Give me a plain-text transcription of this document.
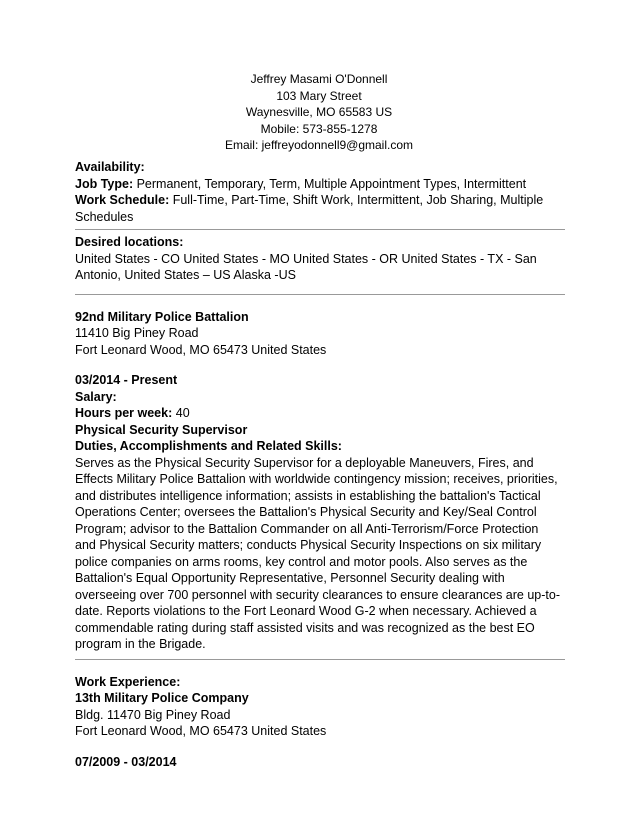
Jeffrey Masami O'Donnell
103 Mary Street
Waynesville, MO 65583 US
Mobile: 573-855-1278
Email: jeffreyodonnell9@gmail.com
Availability:
Job Type: Permanent, Temporary, Term, Multiple Appointment Types, Intermittent
Work Schedule: Full-Time, Part-Time, Shift Work, Intermittent, Job Sharing, Multiple
Schedules
Desired locations:
United States - CO United States - MO United States - OR United States - TX - San
Antonio, United States – US Alaska -US
92nd Military Police Battalion
11410 Big Piney Road
Fort Leonard Wood, MO 65473 United States
03/2014 - Present
Salary:
Hours per week: 40
Physical Security Supervisor
Duties, Accomplishments and Related Skills:
Serves as the Physical Security Supervisor for a deployable Maneuvers, Fires, and
Effects Military Police Battalion with worldwide contingency mission; receives, priorities,
and distributes intelligence information; assists in establishing the battalion's Tactical
Operations Center; oversees the Battalion's Physical Security and Key/Seal Control
Program; advisor to the Battalion Commander on all Anti-Terrorism/Force Protection
and Physical Security matters; conducts Physical Security Inspections on six military
police companies on arms rooms, key control and motor pools. Also serves as the
Battalion's Equal Opportunity Representative, Personnel Security dealing with
overseeing over 700 personnel with security clearances to ensure clearances are up-to-
date. Reports violations to the Fort Leonard Wood G-2 when necessary. Achieved a
commendable rating during staff assisted visits and was recognized as the best EO
program in the Brigade.
Work Experience:
13th Military Police Company
Bldg. 11470 Big Piney Road
Fort Leonard Wood, MO 65473 United States
07/2009 - 03/2014
